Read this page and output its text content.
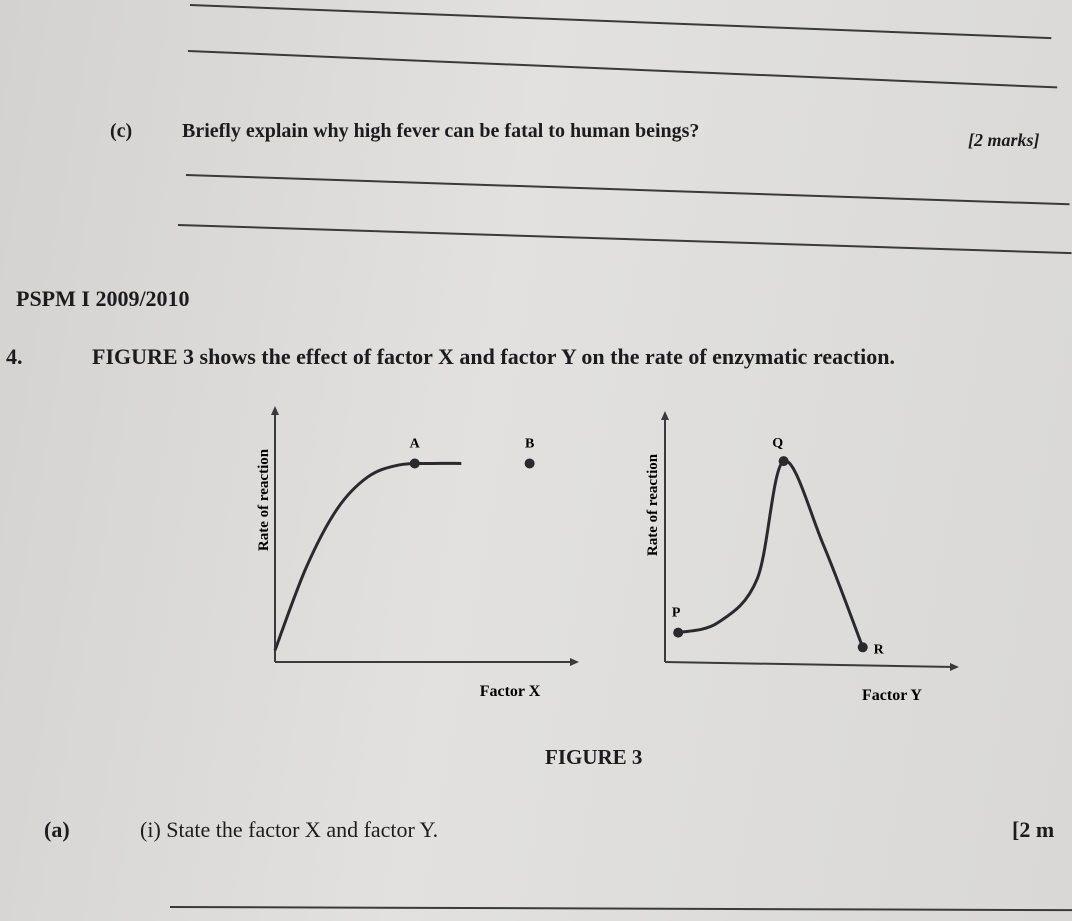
(c) Briefly explain why high fever can be fatal to human beings?	[2 marks]
PSPM I 2009/2010
4.	FIGURE 3 shows the effect of factor X and factor Y on the rate of enzymatic reaction.
A	B
Rate of reaction
Factor X
P
Q
R
Rate of reaction
Factor Y
FIGURE 3
(a)	(i) State the factor X and factor Y.	[2 m
